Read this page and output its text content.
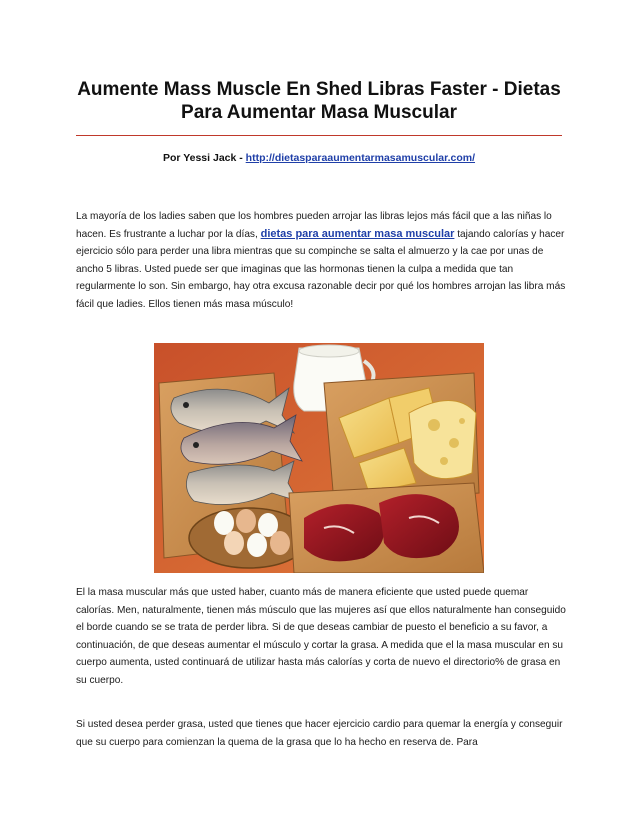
Aumente Mass Muscle En Shed Libras Faster - Dietas Para Aumentar Masa Muscular
Por Yessi Jack - http://dietasparaaumentarmasamuscular.com/
La mayoría de los ladies saben que los hombres pueden arrojar las libras lejos más fácil que a las niñas lo hacen. Es frustrante a luchar por la días, dietas para aumentar masa muscular tajando calorías y hacer ejercicio sólo para perder una libra mientras que su compinche se salta el almuerzo y la cae por unas de ancho 5 libras. Usted puede ser que imaginas que las hormonas tienen la culpa a medida que tan regularmente lo son. Sin embargo, hay otra excusa razonable decir por qué los hombres arrojan las libra más fácil que ladies. Ellos tienen más masa músculo!
El la masa muscular más que usted haber, cuanto más de manera eficiente que usted puede quemar calorías. Men, naturalmente, tienen más músculo que las mujeres así que ellos naturalmente han conseguido el borde cuando se se trata de perder libra. Si de que deseas cambiar de puesto el beneficio a su favor, a continuación, de que deseas aumentar el músculo y cortar la grasa. A medida que el la masa muscular en su cuerpo aumenta, usted continuará de utilizar hasta más calorías y corta de nuevo el directorio% de grasa en su cuerpo.
Si usted desea perder grasa, usted que tienes que hacer ejercicio cardio para quemar la energía y conseguir que su cuerpo para comienzan la quema de la grasa que lo ha hecho en reserva de. Para
